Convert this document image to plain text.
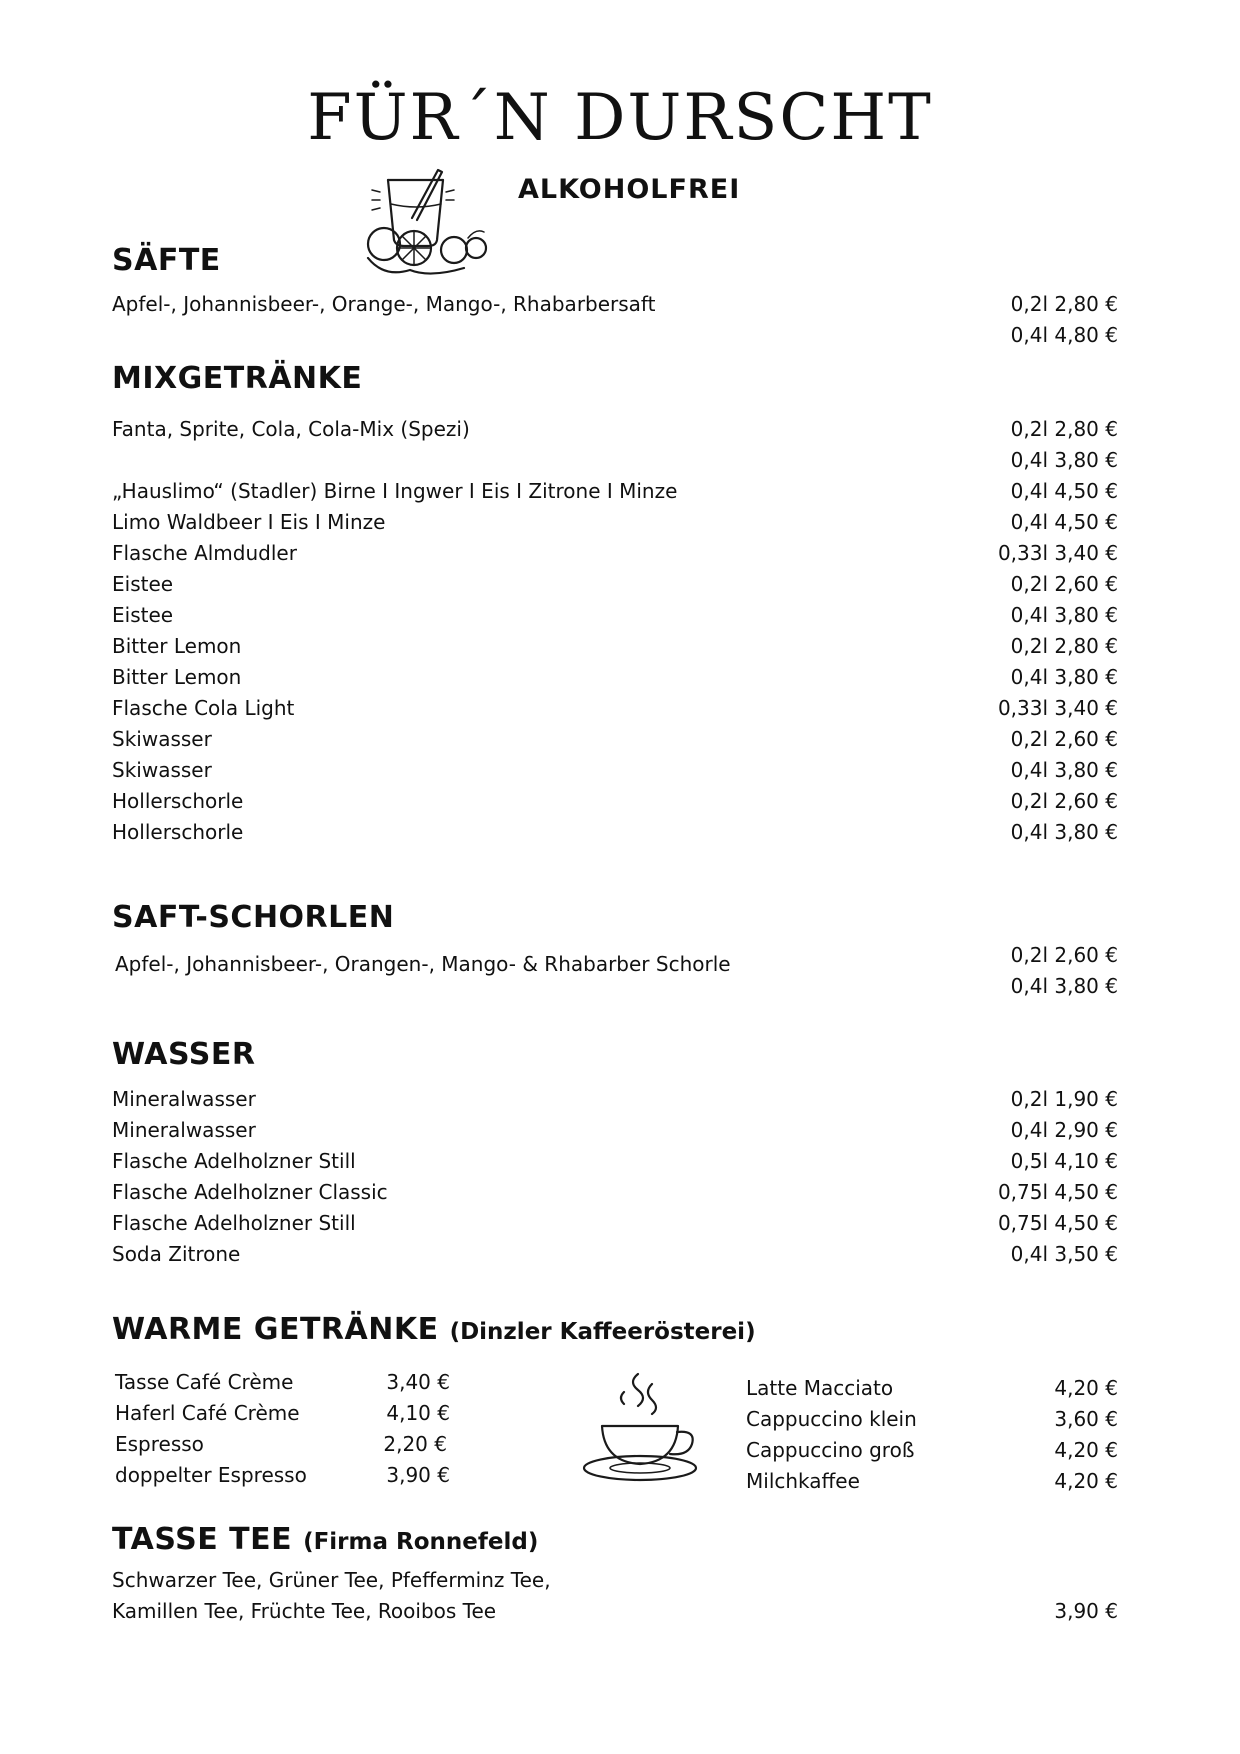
FÜR´N DURSCHT
ALKOHOLFREI
SÄFTE
Apfel-, Johannisbeer-, Orange-, Mango-, Rhabarbersaft	0,2l 2,80 €
0,4l 4,80 €
MIXGETRÄNKE
Fanta, Sprite, Cola, Cola-Mix (Spezi)	0,2l 2,80 €
0,4l 3,80 €
„Hauslimo“ (Stadler) Birne I Ingwer I Eis I Zitrone I Minze	0,4l 4,50 €
Limo Waldbeer I Eis I Minze	0,4l 4,50 €
Flasche Almdudler	0,33l 3,40 €
Eistee	0,2l 2,60 €
Eistee	0,4l 3,80 €
Bitter Lemon	0,2l 2,80 €
Bitter Lemon	0,4l 3,80 €
Flasche Cola Light	0,33l 3,40 €
Skiwasser	0,2l 2,60 €
Skiwasser	0,4l 3,80 €
Hollerschorle	0,2l 2,60 €
Hollerschorle	0,4l 3,80 €
SAFT-SCHORLEN
Apfel-, Johannisbeer-, Orangen-, Mango- & Rhabarber Schorle	0,2l 2,60 €
0,4l 3,80 €
WASSER
Mineralwasser	0,2l 1,90 €
Mineralwasser	0,4l 2,90 €
Flasche Adelholzner Still	0,5l 4,10 €
Flasche Adelholzner Classic	0,75l 4,50 €
Flasche Adelholzner Still	0,75l 4,50 €
Soda Zitrone	0,4l 3,50 €
WARME GETRÄNKE (Dinzler Kaffeerösterei)
Tasse Café Crème	3,40 €
Haferl Café Crème	4,10 €
Espresso	2,20 €
doppelter Espresso	3,90 €
Latte Macciato	4,20 €
Cappuccino klein	3,60 €
Cappuccino groß	4,20 €
Milchkaffee	4,20 €
TASSE TEE (Firma Ronnefeld)
Schwarzer Tee, Grüner Tee, Pfefferminz Tee,
Kamillen Tee, Früchte Tee, Rooibos Tee	3,90 €
